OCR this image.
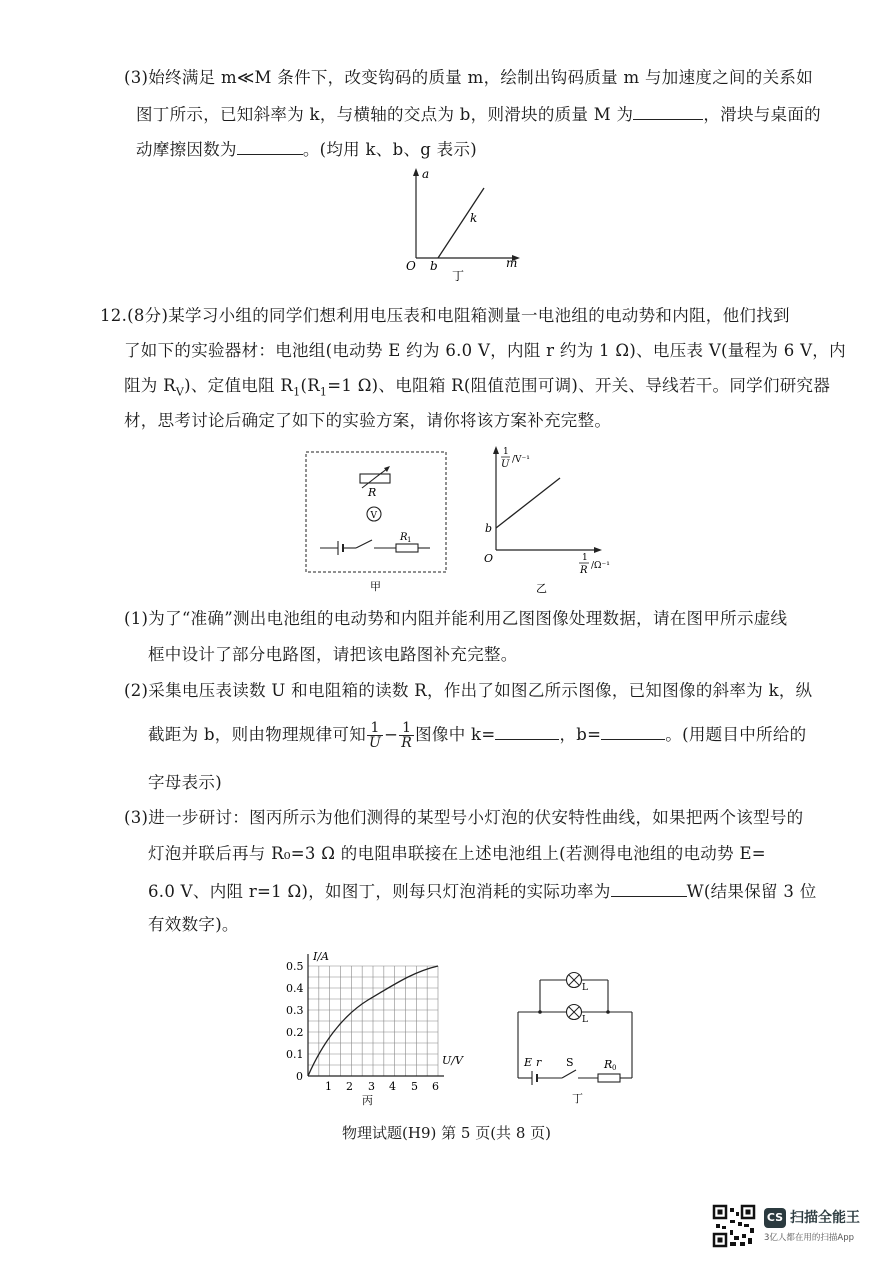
(3)始终满足 m≪M 条件下，改变钩码的质量 m，绘制出钩码质量 m 与加速度之间的关系如
图丁所示，已知斜率为 k，与横轴的交点为 b，则滑块的质量 M 为	，滑块与桌面的
动摩擦因数为	。(均用 k、b、g 表示)
a
m
O b
k
丁
12.(8分)某学习小组的同学们想利用电压表和电阻箱测量一电池组的电动势和内阻，他们找到
了如下的实验器材：电池组(电动势 E 约为 6.0 V，内阻 r 约为 1 Ω)、电压表 V(量程为 6 V，内
阻为 $R_V$)、定值电阻 $R_1(R_1=1$ Ω)、电阻箱 R(阻值范围可调)、开关、导线若干。同学们研究器
材，思考讨论后确定了如下的实验方案，请你将该方案补充完整。
R
V
R 1
甲
1
U /V⁻¹
b
O	1
R /Ω⁻¹
乙
(1)为了“准确”测出电池组的电动势和内阻并能利用乙图图像处理数据，请在图甲所示虚线
框中设计了部分电路图，请把该电路图补充完整。
(2)采集电压表读数 U 和电阻箱的读数 R，作出了如图乙所示图像，已知图像的斜率为 k，纵
截距为 b，则由物理规律可知 $\frac{1}{U} - \frac{1}{R}$ 图像中 k=	，b=	。(用题目中所给的
字母表示)
(3)进一步研讨：图丙所示为他们测得的某型号小灯泡的伏安特性曲线，如果把两个该型号的
灯泡并联后再与 R₀=3 Ω 的电阻串联接在上述电池组上(若测得电池组的电动势 E=
6.0 V、内阻 r=1 Ω)，如图丁，则每只灯泡消耗的实际功率为	W(结果保留 3 位
有效数字)。
I/A
U/V
0.5
0.4
0.3
0.2
0.1
0
1 2 3 4 5 6
丙
L
L
E r S	R 0
丁
物理试题(H9) 第 5 页(共 8 页)
CS 扫描全能王
3亿人都在用的扫描App
